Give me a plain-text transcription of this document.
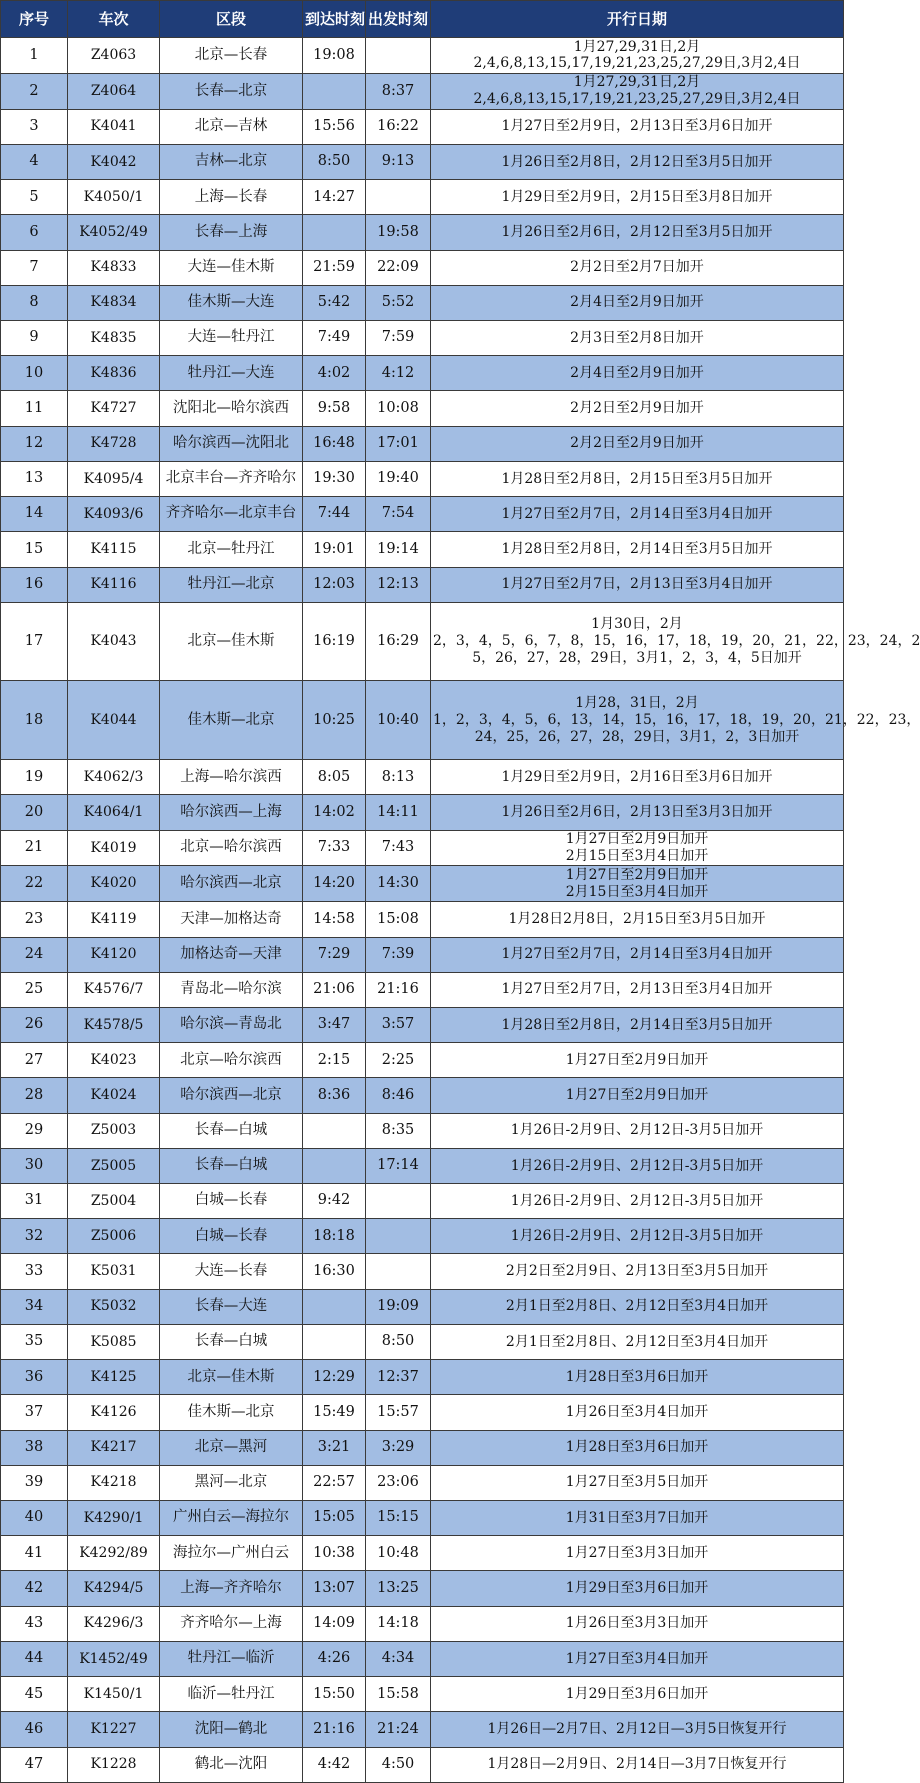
序号	车次	区段	到达时刻	出发时刻	开行日期
1	Z4063	北京—长春	19:08		1月27,29,31日,2月
2,4,6,8,13,15,17,19,21,23,25,27,29日,3月2,4日

2	Z4064	长春—北京		8:37	1月27,29,31日,2月
2,4,6,8,13,15,17,19,21,23,25,27,29日,3月2,4日

3	K4041	北京—吉林	15:56	16:22	1月27日至2月9日，2月13日至3月6日加开

4	K4042	吉林—北京	8:50	9:13	1月26日至2月8日，2月12日至3月5日加开

5	K4050/1	上海—长春	14:27		1月29日至2月9日，2月15日至3月8日加开

6	K4052/49	长春—上海		19:58	1月26日至2月6日，2月12日至3月5日加开

7	K4833	大连—佳木斯	21:59	22:09	2月2日至2月7日加开

8	K4834	佳木斯—大连	5:42	5:52	2月4日至2月9日加开

9	K4835	大连—牡丹江	7:49	7:59	2月3日至2月8日加开

10	K4836	牡丹江—大连	4:02	4:12	2月4日至2月9日加开

11	K4727	沈阳北—哈尔滨西	9:58	10:08	2月2日至2月9日加开

12	K4728	哈尔滨西—沈阳北	16:48	17:01	2月2日至2月9日加开

13	K4095/4	北京丰台—齐齐哈尔	19:30	19:40	1月28日至2月8日，2月15日至3月5日加开

14	K4093/6	齐齐哈尔—北京丰台	7:44	7:54	1月27日至2月7日，2月14日至3月4日加开

15	K4115	北京—牡丹江	19:01	19:14	1月28日至2月8日，2月14日至3月5日加开

16	K4116	牡丹江—北京	12:03	12:13	1月27日至2月7日，2月13日至3月4日加开

17	K4043	北京—佳木斯	16:19	16:29	1月30日，2月
2，3，4，5，6，7，8，15，16，17，18，19，20，21，22，23，24，2
5，26，27，28，29日，3月1，2，3，4，5日加开

18	K4044	佳木斯—北京	10:25	10:40	1月28，31日，2月
1，2，3，4，5，6，13，14，15，16，17，18，19，20，21，22，23，
24，25，26，27，28，29日，3月1，2，3日加开

19	K4062/3	上海—哈尔滨西	8:05	8:13	1月29日至2月9日，2月16日至3月6日加开

20	K4064/1	哈尔滨西—上海	14:02	14:11	1月26日至2月6日，2月13日至3月3日加开

21	K4019	北京—哈尔滨西	7:33	7:43	1月27日至2月9日加开
2月15日至3月4日加开

22	K4020	哈尔滨西—北京	14:20	14:30	1月27日至2月9日加开
2月15日至3月4日加开

23	K4119	天津—加格达奇	14:58	15:08	1月28日2月8日，2月15日至3月5日加开

24	K4120	加格达奇—天津	7:29	7:39	1月27日至2月7日，2月14日至3月4日加开

25	K4576/7	青岛北—哈尔滨	21:06	21:16	1月27日至2月7日，2月13日至3月4日加开

26	K4578/5	哈尔滨—青岛北	3:47	3:57	1月28日至2月8日，2月14日至3月5日加开

27	K4023	北京—哈尔滨西	2:15	2:25	1月27日至2月9日加开

28	K4024	哈尔滨西—北京	8:36	8:46	1月27日至2月9日加开

29	Z5003	长春—白城		8:35	1月26日-2月9日、2月12日-3月5日加开

30	Z5005	长春—白城		17:14	1月26日-2月9日、2月12日-3月5日加开

31	Z5004	白城—长春	9:42		1月26日-2月9日、2月12日-3月5日加开

32	Z5006	白城—长春	18:18		1月26日-2月9日、2月12日-3月5日加开

33	K5031	大连—长春	16:30		2月2日至2月9日、2月13日至3月5日加开

34	K5032	长春—大连		19:09	2月1日至2月8日、2月12日至3月4日加开

35	K5085	长春—白城		8:50	2月1日至2月8日、2月12日至3月4日加开

36	K4125	北京—佳木斯	12:29	12:37	1月28日至3月6日加开

37	K4126	佳木斯—北京	15:49	15:57	1月26日至3月4日加开

38	K4217	北京—黑河	3:21	3:29	1月28日至3月6日加开

39	K4218	黑河—北京	22:57	23:06	1月27日至3月5日加开

40	K4290/1	广州白云—海拉尔	15:05	15:15	1月31日至3月7日加开

41	K4292/89	海拉尔—广州白云	10:38	10:48	1月27日至3月3日加开

42	K4294/5	上海—齐齐哈尔	13:07	13:25	1月29日至3月6日加开

43	K4296/3	齐齐哈尔—上海	14:09	14:18	1月26日至3月3日加开

44	K1452/49	牡丹江—临沂	4:26	4:34	1月27日至3月4日加开

45	K1450/1	临沂—牡丹江	15:50	15:58	1月29日至3月6日加开

46	K1227	沈阳—鹤北	21:16	21:24	1月26日—2月7日、2月12日—3月5日恢复开行

47	K1228	鹤北—沈阳	4:42	4:50	1月28日—2月9日、2月14日—3月7日恢复开行
